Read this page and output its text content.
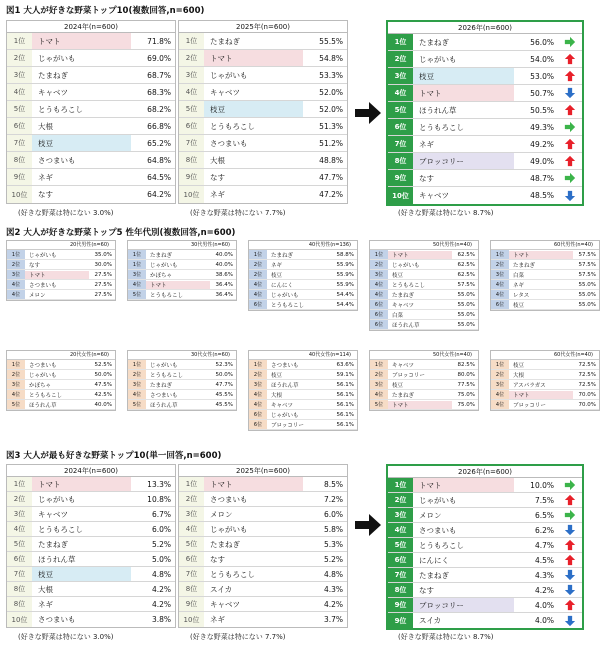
図1 大人が好きな野菜トップ10(複数回答,n=600)
図2 大人が好きな野菜トップ5 性年代別(複数回答,n=600)
図3 大人が最も好きな野菜トップ10(単一回答,n=600)
2024年(n=600)
1位	トマト	71.8%
2位	じゃがいも	69.0%
3位	たまねぎ	68.7%
4位	キャベツ	68.3%
5位	とうもろこし	68.2%
6位	大根	66.8%
7位	枝豆	65.2%
8位	さつまいも	64.8%
9位	ネギ	64.5%
10位	なす	64.2%
(好きな野菜は特にない 3.0%)
2025年(n=600)
1位	たまねぎ	55.5%
2位	トマト	54.8%
3位	じゃがいも	53.3%
4位	キャベツ	52.0%
5位	枝豆	52.0%
6位	とうもろこし	51.3%
7位	さつまいも	51.2%
8位	大根	48.8%
9位	なす	47.7%
10位	ネギ	47.2%
(好きな野菜は特にない 7.7%)
2026年(n=600)
1位	たまねぎ	56.0%
2位	じゃがいも	54.0%
3位	枝豆	53.0%
4位	トマト	50.7%
5位	ほうれん草	50.5%
6位	とうもろこし	49.3%
7位	ネギ	49.2%
8位	ブロッコリー	49.0%
9位	なす	48.7%
10位	キャベツ	48.5%
(好きな野菜は特にない 8.7%)
20代男性(n=60)
1位	じゃがいも	35.0%
2位	なす	30.0%
3位	トマト	27.5%
4位	さつまいも	27.5%
4位	メロン	27.5%
30代男性(n=60)
1位	たまねぎ	40.0%
1位	じゃがいも	40.0%
3位	かぼちゃ	38.6%
4位	トマト	36.4%
5位	とうもろこし	36.4%
40代男性(n=136)
1位	たまねぎ	58.8%
2位	ネギ	55.9%
2位	枝豆	55.9%
4位	にんにく	55.9%
4位	じゃがいも	54.4%
6位	とうもろこし	54.4%
50代男性(n=40)
1位	トマト	62.5%
2位	じゃがいも	62.5%
3位	枝豆	62.5%
4位	とうもろこし	57.5%
4位	たまねぎ	55.0%
6位	キャベツ	55.0%
6位	白菜	55.0%
6位	ほうれん草	55.0%
60代男性(n=40)
1位	トマト	57.5%
2位	たまねぎ	57.5%
3位	白菜	57.5%
4位	ネギ	55.0%
4位	レタス	55.0%
6位	枝豆	55.0%
20代女性(n=60)
1位	さつまいも	52.5%
2位	じゃがいも	50.0%
3位	かぼちゃ	47.5%
4位	とうもろこし	42.5%
5位	ほうれん草	40.0%
30代女性(n=60)
1位	じゃがいも	52.3%
2位	とうもろこし	50.0%
3位	たまねぎ	47.7%
4位	さつまいも	45.5%
5位	ほうれん草	45.5%
40代女性(n=114)
1位	さつまいも	63.6%
2位	枝豆	59.1%
3位	ほうれん草	56.1%
4位	大根	56.1%
4位	キャベツ	56.1%
6位	じゃがいも	56.1%
6位	ブロッコリー	56.1%
50代女性(n=40)
1位	キャベツ	82.5%
2位	ブロッコリー	80.0%
3位	枝豆	77.5%
4位	たまねぎ	75.0%
5位	トマト	75.0%
60代女性(n=40)
1位	枝豆	72.5%
2位	大根	72.5%
3位	アスパラガス	72.5%
4位	トマト	70.0%
4位	ブロッコリー	70.0%
2024年(n=600)
1位	トマト	13.3%
2位	じゃがいも	10.8%
3位	キャベツ	6.7%
4位	とうもろこし	6.0%
5位	たまねぎ	5.2%
6位	ほうれん草	5.0%
7位	枝豆	4.8%
8位	大根	4.2%
8位	ネギ	4.2%
10位	さつまいも	3.8%
(好きな野菜は特にない 3.0%)
2025年(n=600)
1位	トマト	8.5%
2位	さつまいも	7.2%
3位	メロン	6.0%
4位	じゃがいも	5.8%
5位	たまねぎ	5.3%
6位	なす	5.2%
7位	とうもろこし	4.8%
8位	スイカ	4.3%
9位	キャベツ	4.2%
10位	ネギ	3.7%
(好きな野菜は特にない 7.7%)
2026年(n=600)
1位	トマト	10.0%
2位	じゃがいも	7.5%
3位	メロン	6.5%
4位	さつまいも	6.2%
5位	とうもろこし	4.7%
6位	にんにく	4.5%
7位	たまねぎ	4.3%
8位	なす	4.2%
9位	ブロッコリー	4.0%
9位	スイカ	4.0%
(好きな野菜は特にない 8.7%)
